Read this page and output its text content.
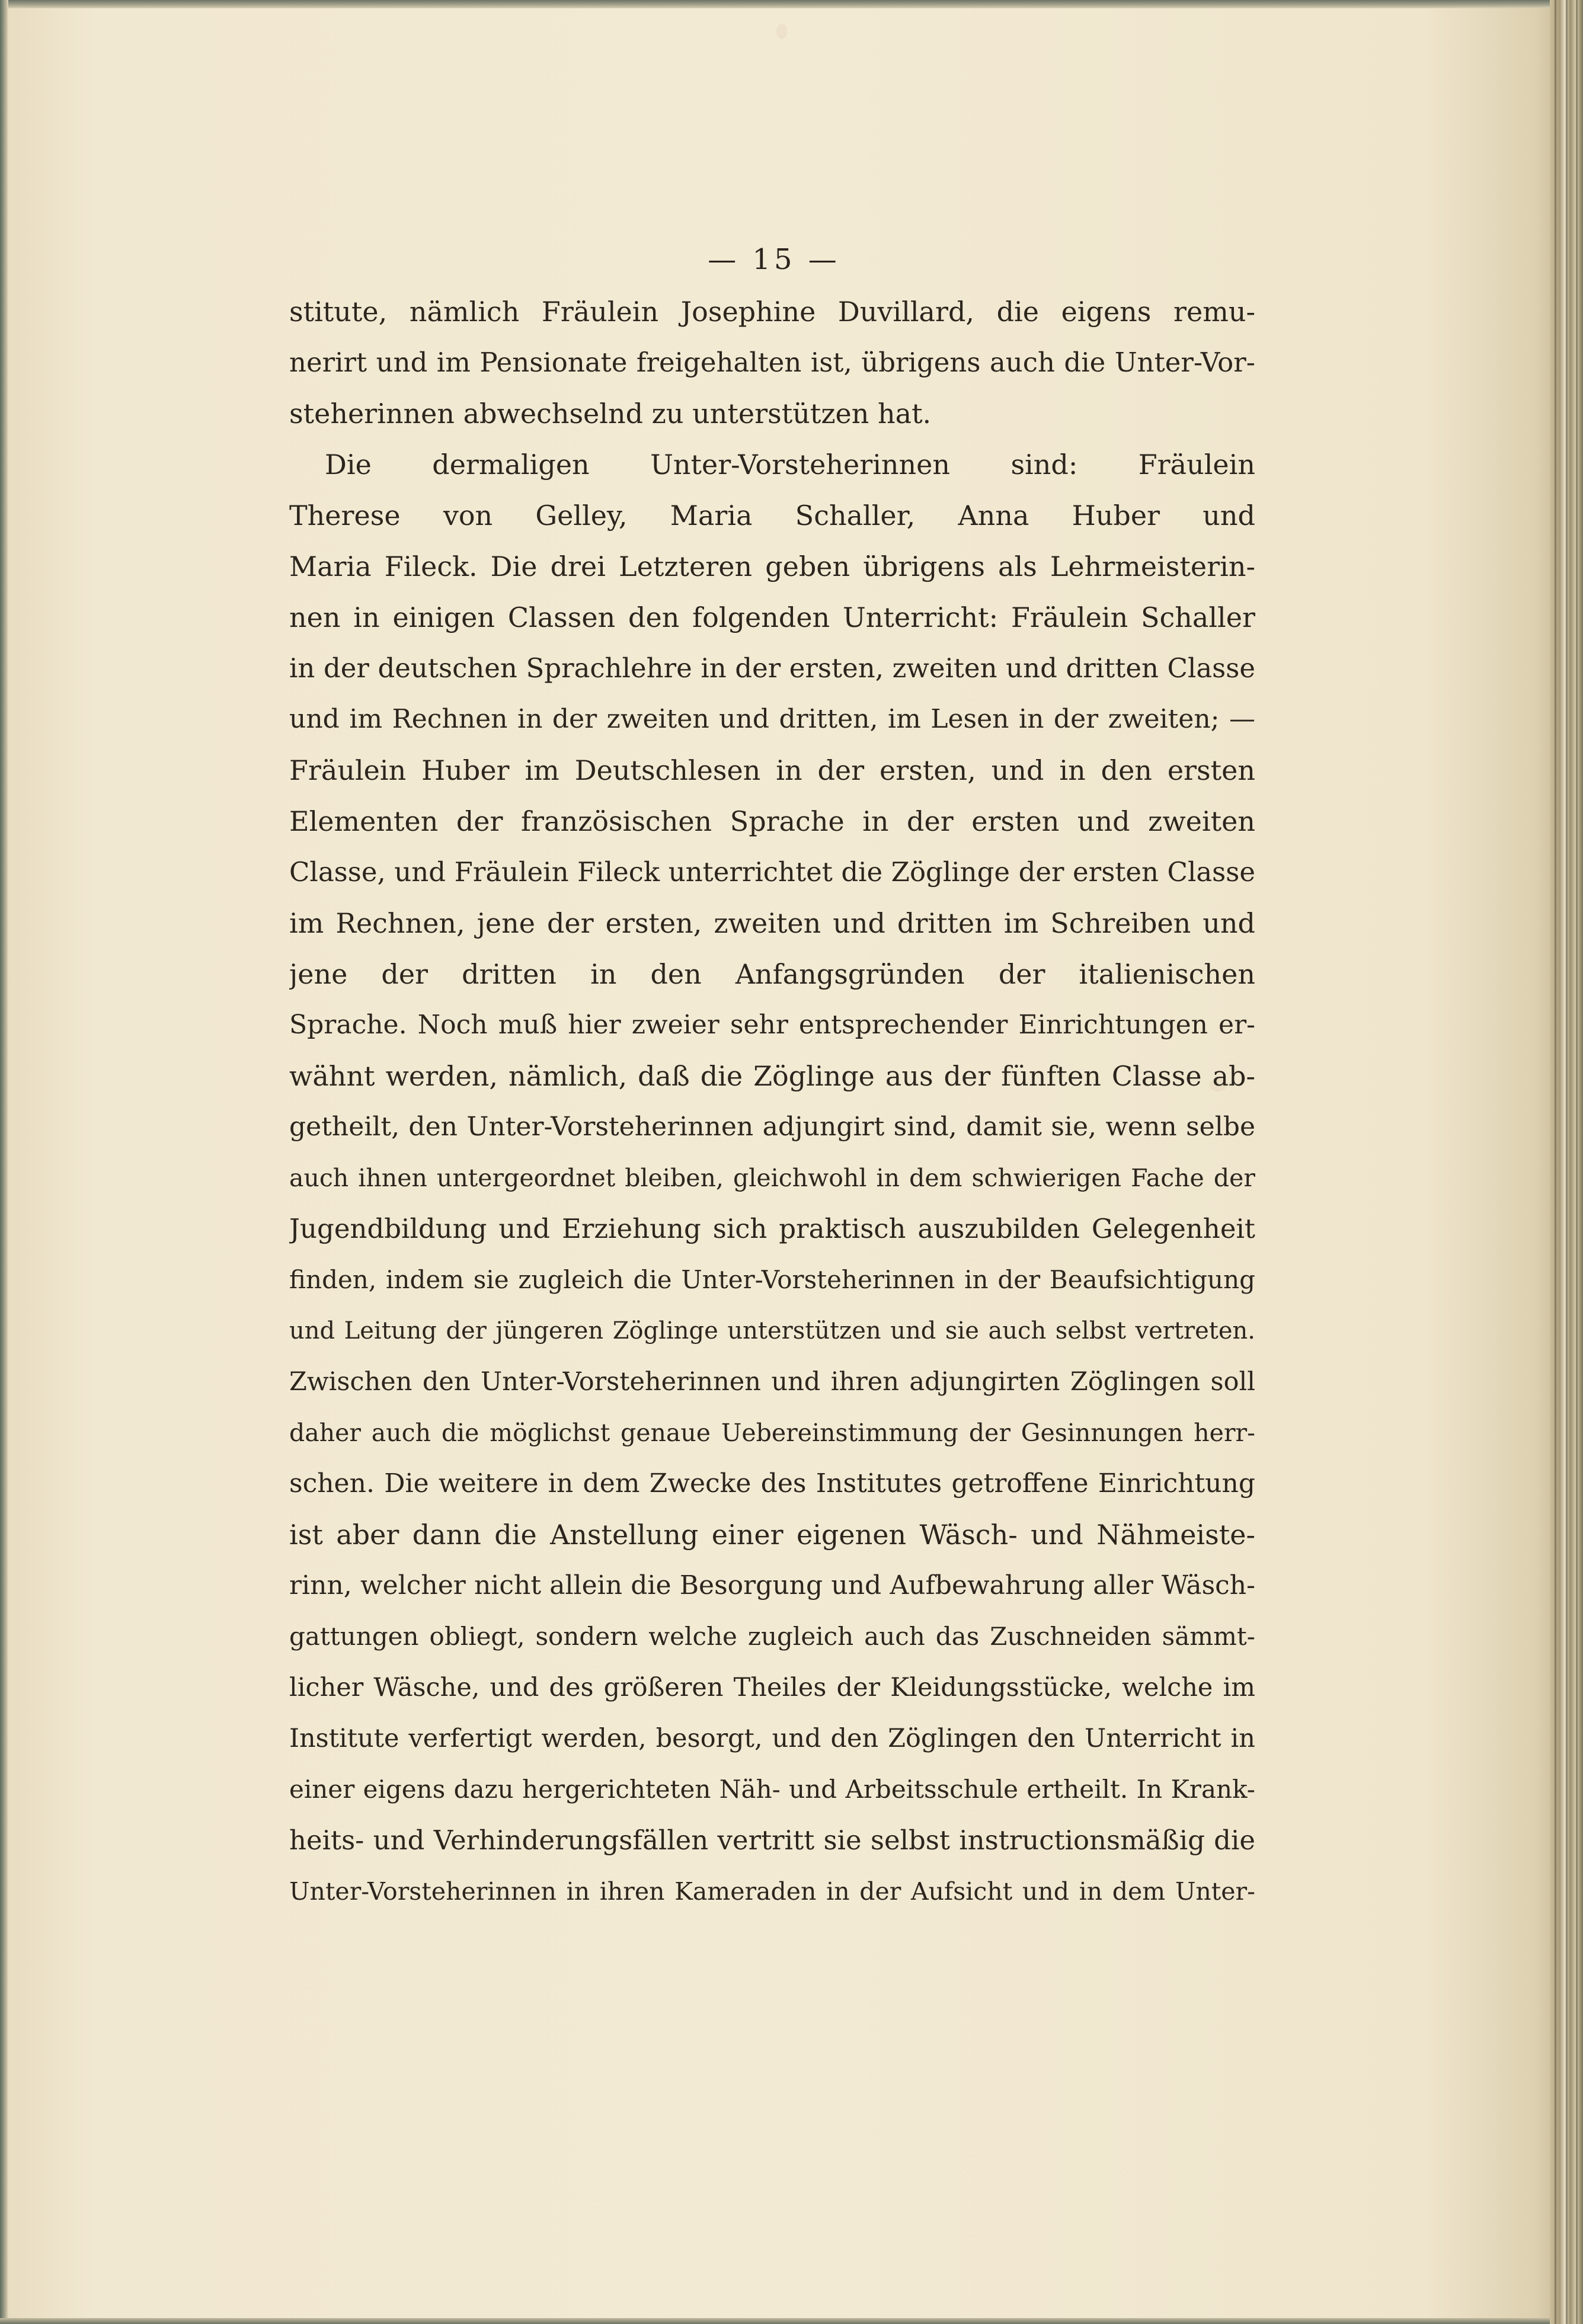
— 15 —
stitute, nämlich Fräulein Josephine Duvillard, die eigens remu-
nerirt und im Pensionate freigehalten ist, übrigens auch die Unter-Vor-
steherinnen abwechselnd zu unterstützen hat.
Die dermaligen Unter-Vorsteherinnen sind: Fräulein
Therese von Gelley, Maria Schaller, Anna Huber und
Maria Fileck. Die drei Letzteren geben übrigens als Lehrmeisterin-
nen in einigen Classen den folgenden Unterricht: Fräulein Schaller
in der deutschen Sprachlehre in der ersten, zweiten und dritten Classe
und im Rechnen in der zweiten und dritten, im Lesen in der zweiten; —
Fräulein Huber im Deutschlesen in der ersten, und in den ersten
Elementen der französischen Sprache in der ersten und zweiten
Classe, und Fräulein Fileck unterrichtet die Zöglinge der ersten Classe
im Rechnen, jene der ersten, zweiten und dritten im Schreiben und
jene der dritten in den Anfangsgründen der italienischen
Sprache. Noch muß hier zweier sehr entsprechender Einrichtungen er-
wähnt werden, nämlich, daß die Zöglinge aus der fünften Classe ab-
getheilt, den Unter-Vorsteherinnen adjungirt sind, damit sie, wenn selbe
auch ihnen untergeordnet bleiben, gleichwohl in dem schwierigen Fache der
Jugendbildung und Erziehung sich praktisch auszubilden Gelegenheit
finden, indem sie zugleich die Unter-Vorsteherinnen in der Beaufsichtigung
und Leitung der jüngeren Zöglinge unterstützen und sie auch selbst vertreten.
Zwischen den Unter-Vorsteherinnen und ihren adjungirten Zöglingen soll
daher auch die möglichst genaue Uebereinstimmung der Gesinnungen herr-
schen. Die weitere in dem Zwecke des Institutes getroffene Einrichtung
ist aber dann die Anstellung einer eigenen Wäsch- und Nähmeiste-
rinn, welcher nicht allein die Besorgung und Aufbewahrung aller Wäsch-
gattungen obliegt, sondern welche zugleich auch das Zuschneiden sämmt-
licher Wäsche, und des größeren Theiles der Kleidungsstücke, welche im
Institute verfertigt werden, besorgt, und den Zöglingen den Unterricht in
einer eigens dazu hergerichteten Näh- und Arbeitsschule ertheilt. In Krank-
heits- und Verhinderungsfällen vertritt sie selbst instructionsmäßig die
Unter-Vorsteherinnen in ihren Kameraden in der Aufsicht und in dem Unter-
